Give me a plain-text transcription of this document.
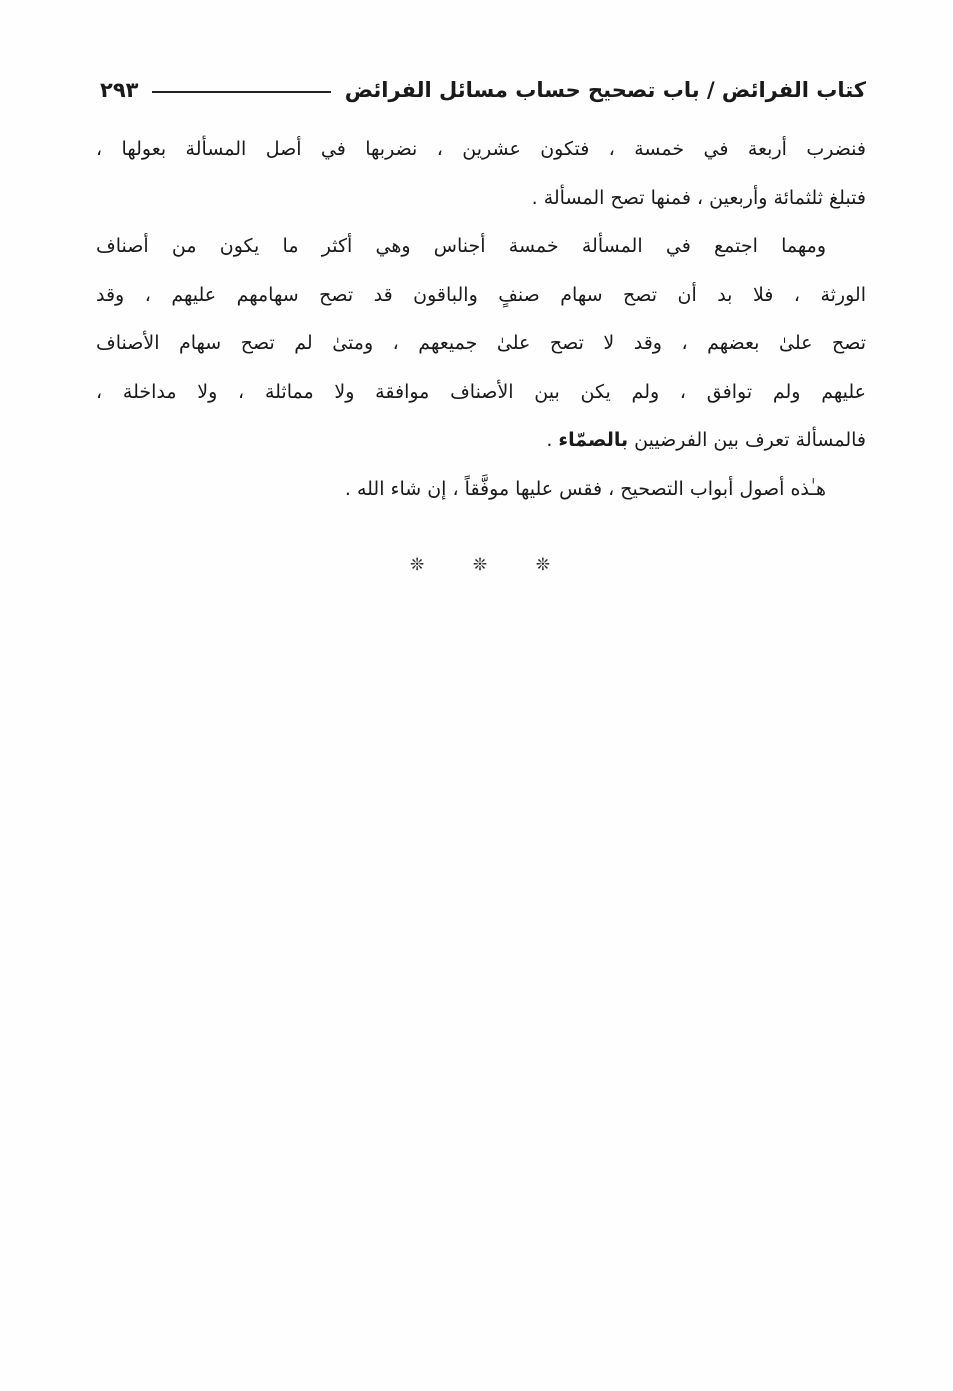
كتاب الفرائض / باب تصحيح حساب مسائل الفرائض
٢٩٣
فنضرب أربعة في خمسة ، فتكون عشرين ، نضربها في أصل المسألة بعولها ،
فتبلغ ثلثمائة وأربعين ، فمنها تصح المسألة .
ومهما اجتمع في المسألة خمسة أجناس وهي أكثر ما يكون من أصناف
الورثة ، فلا بد أن تصح سهام صنفٍ والباقون قد تصح سهامهم عليهم ، وقد
تصح علىٰ بعضهم ، وقد لا تصح علىٰ جميعهم ، ومتىٰ لم تصح سهام الأصناف
عليهم ولم توافق ، ولم يكن بين الأصناف موافقة ولا مماثلة ، ولا مداخلة ،
فالمسألة تعرف بين الفرضيين بالصمّاء .
هـٰذه أصول أبواب التصحيح ، فقس عليها موفَّقاً ، إن شاء الله .
❊
❊
❊
